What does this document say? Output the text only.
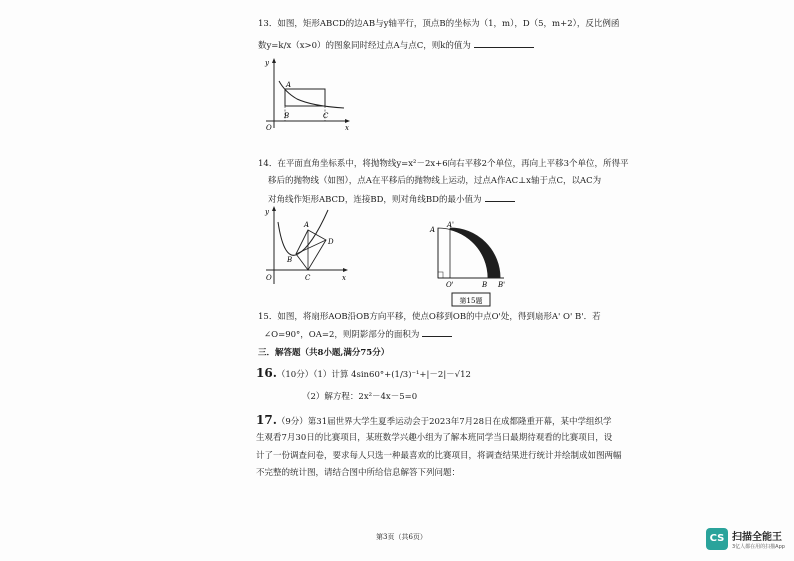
13．如图，矩形ABCD的边AB与y轴平行，顶点B的坐标为（1，m），D（5，m+2），反比例函
数y=k/x（x>0）的图象同时经过点A与点C，则k的值为
y
x
O
A
B	C
14．在平面直角坐标系中，将抛物线y=x²－2x+6向右平移2个单位，再向上平移3个单位，所得平
移后的抛物线（如图），点A在平移后的抛物线上运动，过点A作AC⊥x轴于点C，以AC为
对角线作矩形ABCD，连接BD，则对角线BD的最小值为
y
x
O
A
B
C
D
A
A'
O'	B B'
第15题
15．如图，将扇形AOB沿OB方向平移，使点O移到OB的中点O'处，得到扇形A' O' B'．若
∠O=90°，OA=2，则阴影部分的面积为
三．解答题（共8小题,满分75分）
16.（10分）（1）计算 4sin60°+(1/3)⁻¹+|－2|－√12
（2）解方程：2x²－4x－5=0
17.（9分）第31届世界大学生夏季运动会于2023年7月28日在成都隆重开幕，某中学组织学
生观看7月30日的比赛项目，某班数学兴趣小组为了解本班同学当日最期待观看的比赛项目，设
计了一份调查问卷，要求每人只选一种最喜欢的比赛项目，将调查结果进行统计并绘制成如图两幅
不完整的统计图，请结合图中所给信息解答下列问题：
第3页（共6页）	CS 扫描全能王
3亿人都在用的扫描App
